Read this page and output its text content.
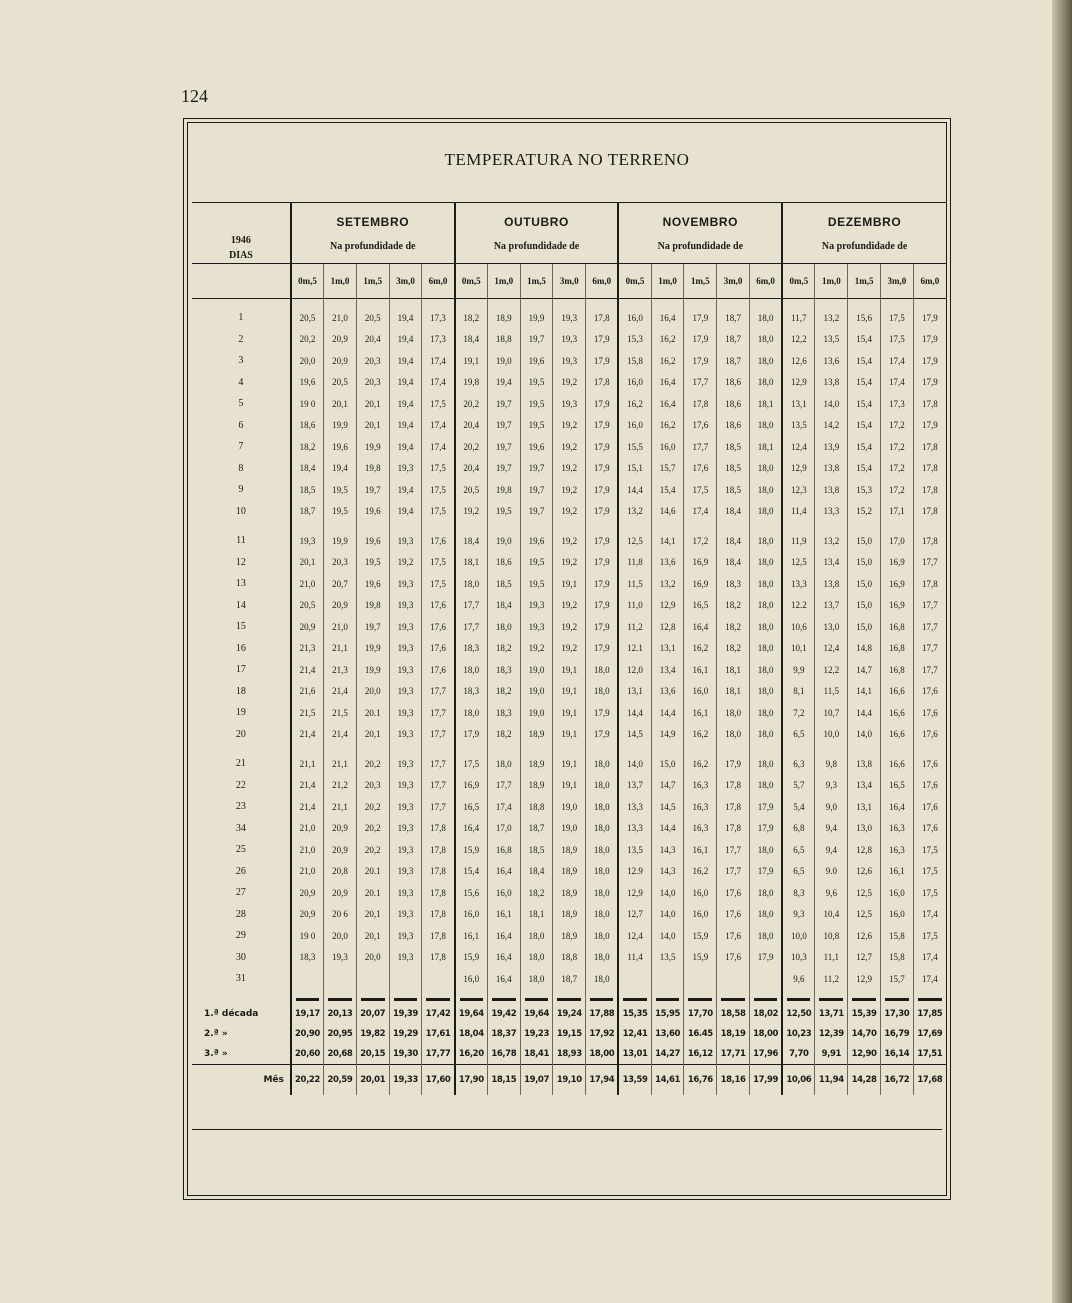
124
TEMPERATURA NO TERRENO
1946
DIAS	SETEMBRO					OUTUBRO					NOVEMBRO					DEZEMBRO				
	Na profundidade de					Na profundidade de					Na profundidade de					Na profundidade de				
	0m,5	1m,0	1m,5	3m,0	6m,0	0m,5	1m,0	1m,5	3m,0	6m,0	0m,5	1m,0	1m,5	3m,0	6m,0	0m,5	1m,0	1m,5	3m,0	6m,0
1	20,5	21,0	20,5	19,4	17,3	18,2	18,9	19,9	19,3	17,8	16,0	16,4	17,9	18,7	18,0	11,7	13,2	15,6	17,5	17,9
2	20,2	20,9	20,4	19,4	17,3	18,4	18,8	19,7	19,3	17,9	15,3	16,2	17,9	18,7	18,0	12,2	13,5	15,4	17,5	17,9
3	20,0	20,9	20,3	19,4	17,4	19,1	19,0	19,6	19,3	17,9	15,8	16,2	17,9	18,7	18,0	12,6	13,6	15,4	17,4	17,9
4	19,6	20,5	20,3	19,4	17,4	19,8	19,4	19,5	19,2	17,8	16,0	16,4	17,7	18,6	18,0	12,9	13,8	15,4	17,4	17,9
5	19 0	20,1	20,1	19,4	17,5	20,2	19,7	19,5	19,3	17,9	16,2	16,4	17,8	18,6	18,1	13,1	14,0	15,4	17,3	17,8
6	18,6	19,9	20,1	19,4	17,4	20,4	19,7	19,5	19,2	17,9	16,0	16,2	17,6	18,6	18,0	13,5	14,2	15,4	17,2	17,9
7	18,2	19,6	19,9	19,4	17,4	20,2	19,7	19,6	19,2	17,9	15,5	16,0	17,7	18,5	18,1	12,4	13,9	15,4	17,2	17,8
8	18,4	19,4	19,8	19,3	17,5	20,4	19,7	19,7	19,2	17,9	15,1	15,7	17,6	18,5	18,0	12,9	13,8	15,4	17,2	17,8
9	18,5	19,5	19,7	19,4	17,5	20,5	19,8	19,7	19,2	17,9	14,4	15,4	17,5	18,5	18,0	12,3	13,8	15,3	17,2	17,8
10	18,7	19,5	19,6	19,4	17,5	19,2	19,5	19,7	19,2	17,9	13,2	14,6	17,4	18,4	18,0	11,4	13,3	15,2	17,1	17,8
11	19,3	19,9	19,6	19,3	17,6	18,4	19,0	19,6	19,2	17,9	12,5	14,1	17,2	18,4	18,0	11,9	13,2	15,0	17,0	17,8
12	20,1	20,3	19,5	19,2	17,5	18,1	18,6	19,5	19,2	17,9	11,8	13,6	16,9	18,4	18,0	12,5	13,4	15,0	16,9	17,7
13	21,0	20,7	19,6	19,3	17,5	18,0	18,5	19,5	19,1	17,9	11,5	13,2	16,9	18,3	18,0	13,3	13,8	15,0	16,9	17,8
14	20,5	20,9	19,8	19,3	17,6	17,7	18,4	19,3	19,2	17,9	11,0	12,9	16,5	18,2	18,0	12.2	13,7	15,0	16,9	17,7
15	20,9	21,0	19,7	19,3	17,6	17,7	18,0	19,3	19,2	17,9	11,2	12,8	16,4	18,2	18,0	10,6	13,0	15,0	16,8	17,7
16	21,3	21,1	19,9	19,3	17,6	18,3	18,2	19,2	19,2	17,9	12.1	13,1	16,2	18,2	18,0	10,1	12,4	14,8	16,8	17,7
17	21,4	21,3	19,9	19,3	17,6	18,0	18,3	19,0	19,1	18,0	12,0	13,4	16,1	18,1	18,0	9,9	12,2	14,7	16,8	17,7
18	21,6	21,4	20,0	19,3	17,7	18,3	18,2	19,0	19,1	18,0	13,1	13,6	16,0	18,1	18,0	8,1	11,5	14,1	16,6	17,6
19	21,5	21,5	20.1	19,3	17,7	18,0	18,3	19,0	19,1	17,9	14,4	14,4	16,1	18,0	18,0	7,2	10,7	14,4	16,6	17,6
20	21,4	21,4	20,1	19,3	17,7	17,9	18,2	18,9	19,1	17,9	14,5	14,9	16,2	18,0	18,0	6,5	10,0	14,0	16,6	17,6
21	21,1	21,1	20,2	19,3	17,7	17,5	18,0	18,9	19,1	18,0	14,0	15,0	16,2	17,9	18,0	6,3	9,8	13,8	16,6	17,6
22	21,4	21,2	20,3	19,3	17,7	16,9	17,7	18,9	19,1	18,0	13,7	14,7	16,3	17,8	18,0	5,7	9,3	13,4	16,5	17,6
23	21,4	21,1	20,2	19,3	17,7	16,5	17,4	18,8	19,0	18,0	13,3	14,5	16,3	17,8	17,9	5,4	9,0	13,1	16,4	17,6
34	21,0	20,9	20,2	19,3	17,8	16,4	17,0	18,7	19,0	18,0	13,3	14,4	16,3	17,8	17,9	6,8	9,4	13,0	16,3	17,6
25	21,0	20,9	20,2	19,3	17,8	15,9	16,8	18,5	18,9	18,0	13,5	14,3	16,1	17,7	18,0	6,5	9,4	12,8	16,3	17,5
26	21,0	20,8	20.1	19,3	17,8	15,4	16,4	18,4	18,9	18,0	12.9	14,3	16,2	17,7	17,9	6,5	9.0	12,6	16,1	17,5
27	20,9	20,9	20.1	19,3	17,8	15,6	16,0	18,2	18,9	18,0	12,9	14,0	16,0	17,6	18,0	8,3	9,6	12,5	16,0	17,5
28	20,9	20 6	20,1	19,3	17,8	16,0	16,1	18,1	18,9	18,0	12,7	14,0	16,0	17,6	18,0	9,3	10,4	12,5	16,0	17,4
29	19 0	20,0	20,1	19,3	17,8	16,1	16,4	18,0	18,9	18,0	12,4	14,0	15,9	17,6	18,0	10,0	10,8	12,6	15,8	17,5
30	18,3	19,3	20,0	19,3	17,8	15,9	16,4	18,0	18,8	18,0	11,4	13,5	15,9	17,6	17,9	10,3	11,1	12,7	15,8	17,4
31						16,0	16,4	18,0	18,7	18,0						9,6	11,2	12,9	15,7	17,4

1.ª década	19,17	20,13	20,07	19,39	17,42	19,64	19,42	19,64	19,24	17,88	15,35	15,95	17,70	18,58	18,02	12,50	13,71	15,39	17,30	17,85
2.ª »	20,90	20,95	19,82	19,29	17,61	18,04	18,37	19,23	19,15	17,92	12,41	13,60	16.45	18,19	18,00	10,23	12,39	14,70	16,79	17,69
3.ª »	20,60	20,68	20,15	19,30	17,77	16,20	16,78	18,41	18,93	18,00	13,01	14,27	16,12	17,71	17,96	7,70	9,91	12,90	16,14	17,51
Mês	20,22	20,59	20,01	19,33	17,60	17,90	18,15	19,07	19,10	17,94	13,59	14,61	16,76	18,16	17,99	10,06	11,94	14,28	16,72	17,68
